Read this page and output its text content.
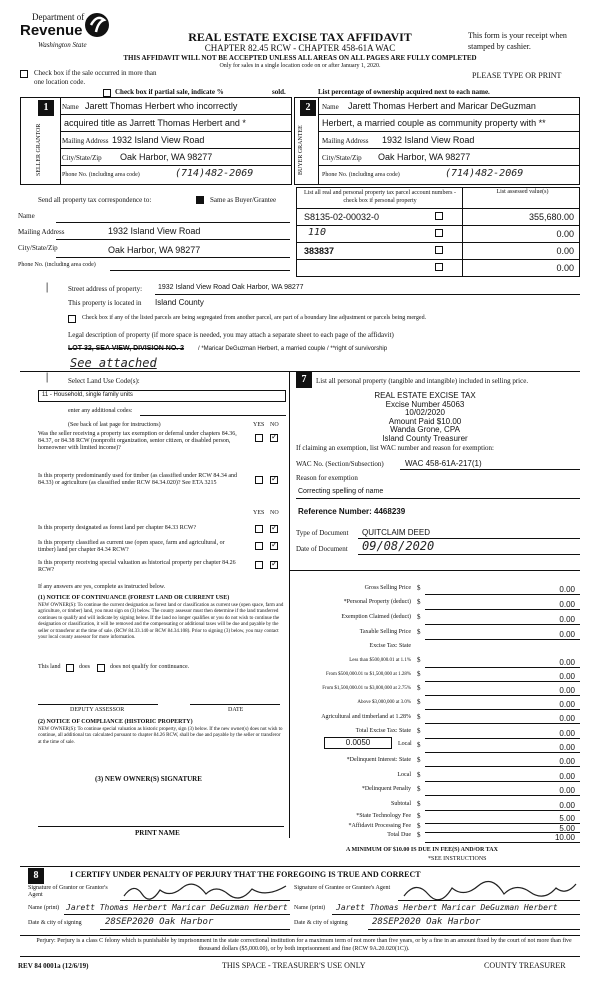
Department of
Revenue
Washington State
REAL ESTATE EXCISE TAX AFFIDAVIT
CHAPTER 82.45 RCW - CHAPTER 458-61A WAC
THIS AFFIDAVIT WILL NOT BE ACCEPTED UNLESS ALL AREAS ON ALL PAGES ARE FULLY COMPLETED
Only for sales in a single location code on or after January 1, 2020.
This form is your receipt when stamped by cashier.
PLEASE TYPE OR PRINT
Check box if the sale occurred in more than one location code.
Check box if partial sale, indicate %	sold.	List percentage of ownership acquired next to each name.
1
SELLER GRANTOR
Name Jarett Thomas Herbert who incorrectly
acquired title as Jarrett Thomas Herbert and *
Mailing Address 1932 Island View Road
City/State/Zip Oak Harbor, WA 98277
Phone No. (including area code)	(714)482-2069
2
BUYER GRANTEE
Name Jarett Thomas Herbert and Maricar DeGuzman
Herbert, a married couple as community property with **
Mailing Address 1932 Island View Road
City/State/Zip Oak Harbor, WA 98277
Phone No. (including area code)	(714)482-2069
Send all property tax correspondence to:	Same as Buyer/Grantee
Name
Mailing Address	1932 Island View Road
City/State/Zip	Oak Harbor, WA 98277
Phone No. (including area code)
List all real and personal property tax parcel account numbers - check box if personal property
List assessed value(s)
S8135-02-00032-0	355,680.00
110	0.00
383837	0.00
0.00
|	Street address of property: 1932 Island View Road Oak Harbor, WA 98277
This property is located in Island County
Check box if any of the listed parcels are being segregated from another parcel, are part of a boundary line adjustment or parcels being merged.
Legal description of property (if more space is needed, you may attach a separate sheet to each page of the affidavit)
LOT 32, SEA VIEW, DIVISION NO. 2 / *Maricar DeGuzman Herbert, a married couple / **right of survivorship
See attached
|	Select Land Use Code(s):
11 - Household, single family units
enter any additional codes:
(See back of last page for instructions)	YES NO
Was the seller receiving a property tax exemption or deferral under chapters 84.36, 84.37, or 84.38 RCW (nonprofit organization, senior citizen, or disabled person, homeowner with limited income)?
✓
Is this property predominantly used for timber (as classified under RCW 84.34 and 84.33) or agriculture (as classified under RCW 84.34.020)? See ETA 3215	✓
YES NO
Is this property designated as forest land per chapter 84.33 RCW?	✓
Is this property classified as current use (open space, farm and agricultural, or timber) land per chapter 84.34 RCW?
✓
Is this property receiving special valuation as historical property per chapter 84.26 RCW?
✓
If any answers are yes, complete as instructed below.
(1) NOTICE OF CONTINUANCE (FOREST LAND OR CURRENT USE)
NEW OWNER(S): To continue the current designation as forest land or classification as current use (open space, farm and agriculture, or timber) land, you must sign on (3) below. The county assessor must then determine if the land transferred continues to qualify and will indicate by signing below. If the land no longer qualifies or you do not wish to continue the designation or classification, it will be removed and the compensating or additional taxes will be due and payable by the seller or transferor at the time of sale. (RCW 84.33.140 or RCW 84.34.108). Prior to signing (3) below, you may contact your local county assessor for more information.
This land	does	does not qualify for continuance.
DEPUTY ASSESSOR	DATE
(2) NOTICE OF COMPLIANCE (HISTORIC PROPERTY)
NEW OWNER(S): To continue special valuation as historic property, sign (3) below. If the new owner(s) does not wish to continue, all additional tax calculated pursuant to chapter 84.26 RCW, shall be due and payable by the seller or transferor at the time of sale.
(3) NEW OWNER(S) SIGNATURE
PRINT NAME
7	List all personal property (tangible and intangible) included in selling price.
REAL ESTATE EXCISE TAX
Excise Number 45063
10/02/2020
Amount Paid $10.00
Wanda Grone, CPA
Island County Treasurer
If claiming an exemption, list WAC number and reason for exemption:
WAC No. (Section/Subsection)	WAC 458-61A-217(1)
Reason for exemption
Correcting spelling of name
Reference Number: 4468239
Type of Document QUITCLAIM DEED
Date of Document 09/08/2020
Gross Selling Price $	0.00
*Personal Property (deduct) $	0.00
Exemption Claimed (deduct) $	0.00
Taxable Selling Price $	0.00
Excise Tax: State
Less than $500,000.01 at 1.1% $	0.00
From $500,000.01 to $1,500,000 at 1.28% $	0.00
From $1,500,000.01 to $3,000,000 at 2.75% $	0.00
Above $3,000,000 at 3.0% $	0.00
Agricultural and timberland at 1.28% $	0.00
Total Excise Tax: State $	0.00
0.0050	Local $	0.00
*Delinquent Interest: State $	0.00
Local $	0.00
*Delinquent Penalty $	0.00
Subtotal $	0.00
*State Technology Fee $	5.00
*Affidavit Processing Fee $	5.00
Total Due $	10.00
A MINIMUM OF $10.00 IS DUE IN FEE(S) AND/OR TAX
*SEE INSTRUCTIONS
8	I CERTIFY UNDER PENALTY OF PERJURY THAT THE FOREGOING IS TRUE AND CORRECT
Signature of Grantor or Grantor's Agent
Signature of Grantee or Grantee's Agent
Name (print) Jarett Thomas Herbert Maricar DeGuzman Herbert Name (print) Jarett Thomas Herbert Maricar DeGuzman Herbert
Date & city of signing	28SEP2020 Oak Harbor	Date & city of signing	28SEP2020 Oak Harbor
Perjury: Perjury is a class C felony which is punishable by imprisonment in the state correctional institution for a maximum term of not more than five years, or by a fine in an amount fixed by the court of not more than five thousand dollars ($5,000.00), or by both imprisonment and fine (RCW 9A.20.020(1C)).
REV 84 0001a (12/6/19)	THIS SPACE - TREASURER'S USE ONLY	COUNTY TREASURER
